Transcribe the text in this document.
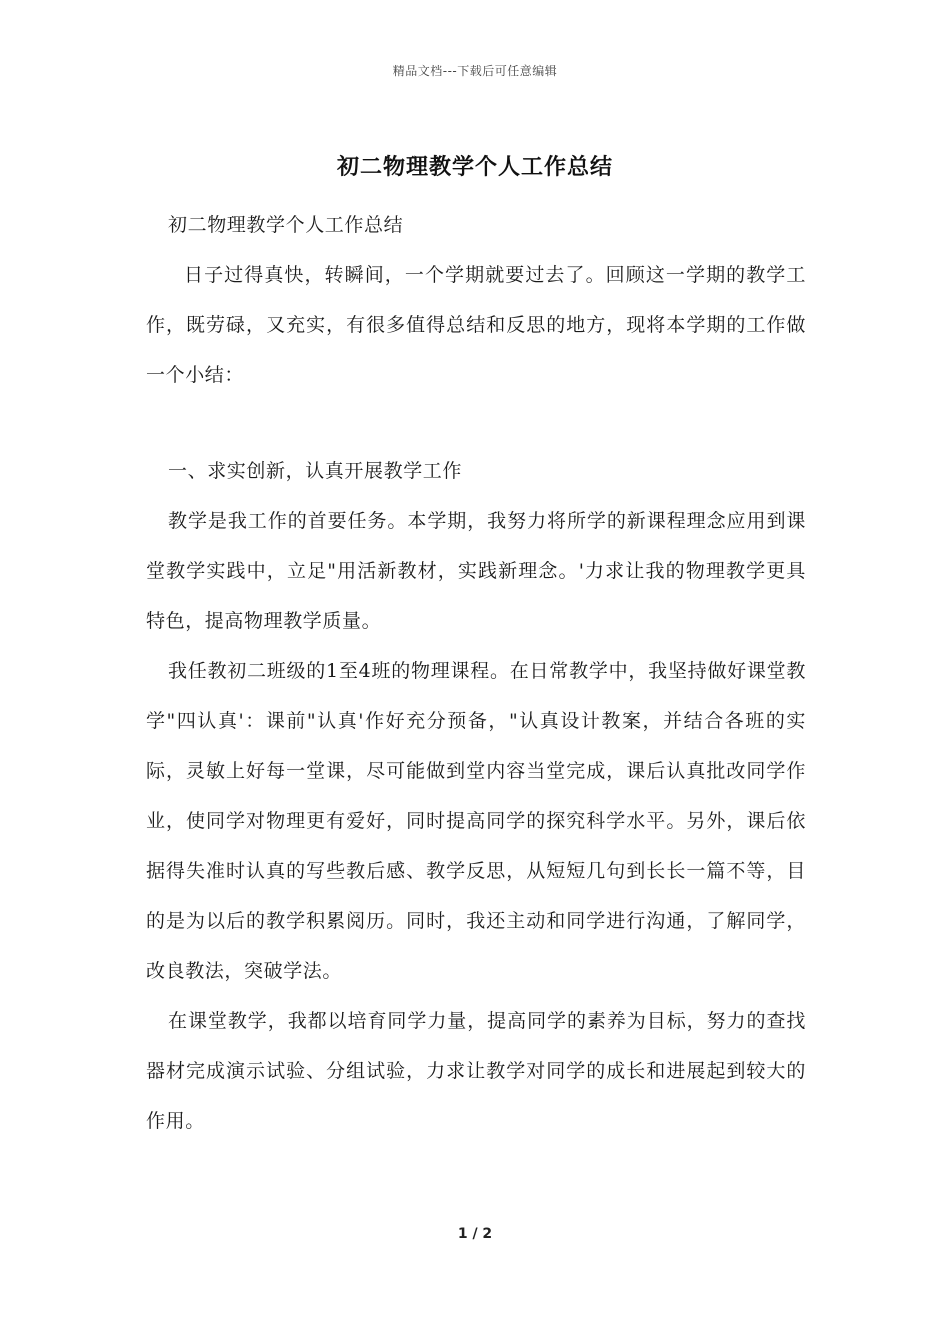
精品文档---下载后可任意编辑
初二物理教学个人工作总结

初二物理教学个人工作总结

日子过得真快，转瞬间，一个学期就要过去了。回顾这一学期的教学工作，既劳碌，又充实，有很多值得总结和反思的地方，现将本学期的工作做一个小结：

一、求实创新，认真开展教学工作

教学是我工作的首要任务。本学期，我努力将所学的新课程理念应用到课堂教学实践中，立足"用活新教材，实践新理念。'力求让我的物理教学更具特色，提高物理教学质量。

我任教初二班级的1至4班的物理课程。在日常教学中，我坚持做好课堂教学"四认真'：课前"认真'作好充分预备，"认真设计教案，并结合各班的实际，灵敏上好每一堂课，尽可能做到堂内容当堂完成，课后认真批改同学作业，使同学对物理更有爱好，同时提高同学的探究科学水平。另外，课后依据得失准时认真的写些教后感、教学反思，从短短几句到长长一篇不等，目的是为以后的教学积累阅历。同时，我还主动和同学进行沟通，了解同学，改良教法，突破学法。

在课堂教学，我都以培育同学力量，提高同学的素养为目标，努力的查找器材完成演示试验、分组试验，力求让教学对同学的成长和进展起到较大的作用。

1 / 2
